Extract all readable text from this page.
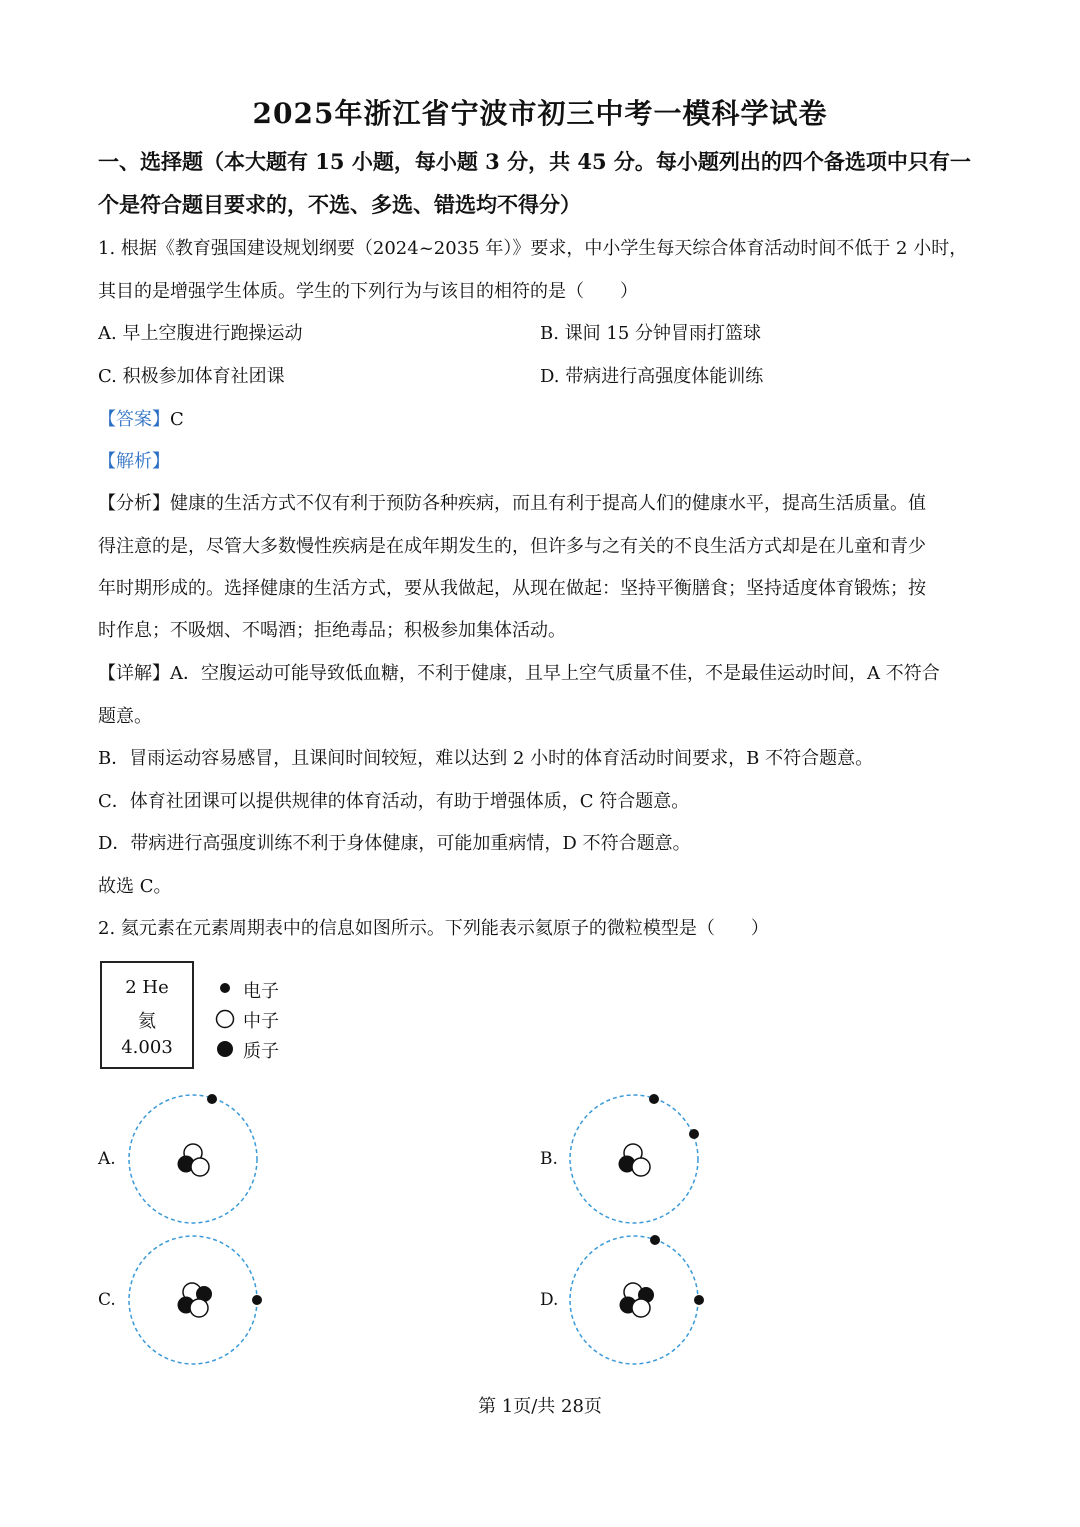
2025年浙江省宁波市初三中考一模科学试卷
一、选择题（本大题有 15 小题，每小题 3 分，共 45 分。每小题列出的四个备选项中只有一
个是符合题目要求的，不选、多选、错选均不得分）
1. 根据《教育强国建设规划纲要（2024~2035 年）》要求，中小学生每天综合体育活动时间不低于 2 小时，
其目的是增强学生体质。学生的下列行为与该目的相符的是（　　）
A. 早上空腹进行跑操运动	B. 课间 15 分钟冒雨打篮球
C. 积极参加体育社团课	D. 带病进行高强度体能训练
【答案】C
【解析】
【分析】健康的生活方式不仅有利于预防各种疾病，而且有利于提高人们的健康水平，提高生活质量。值
得注意的是，尽管大多数慢性疾病是在成年期发生的，但许多与之有关的不良生活方式却是在儿童和青少
年时期形成的。选择健康的生活方式，要从我做起，从现在做起：坚持平衡膳食；坚持适度体育锻炼；按
时作息；不吸烟、不喝酒；拒绝毒品；积极参加集体活动。
【详解】A．空腹运动可能导致低血糖，不利于健康，且早上空气质量不佳，不是最佳运动时间，A 不符合
题意。
B．冒雨运动容易感冒，且课间时间较短，难以达到 2 小时的体育活动时间要求，B 不符合题意。
C．体育社团课可以提供规律的体育活动，有助于增强体质，C 符合题意。
D．带病进行高强度训练不利于身体健康，可能加重病情，D 不符合题意。
故选 C。
2. 氦元素在元素周期表中的信息如图所示。下列能表示氦原子的微粒模型是（　　）
2 He
氦
4.003
电子
中子
质子
A.	B.
C.	D.
第 1页/共 28页
